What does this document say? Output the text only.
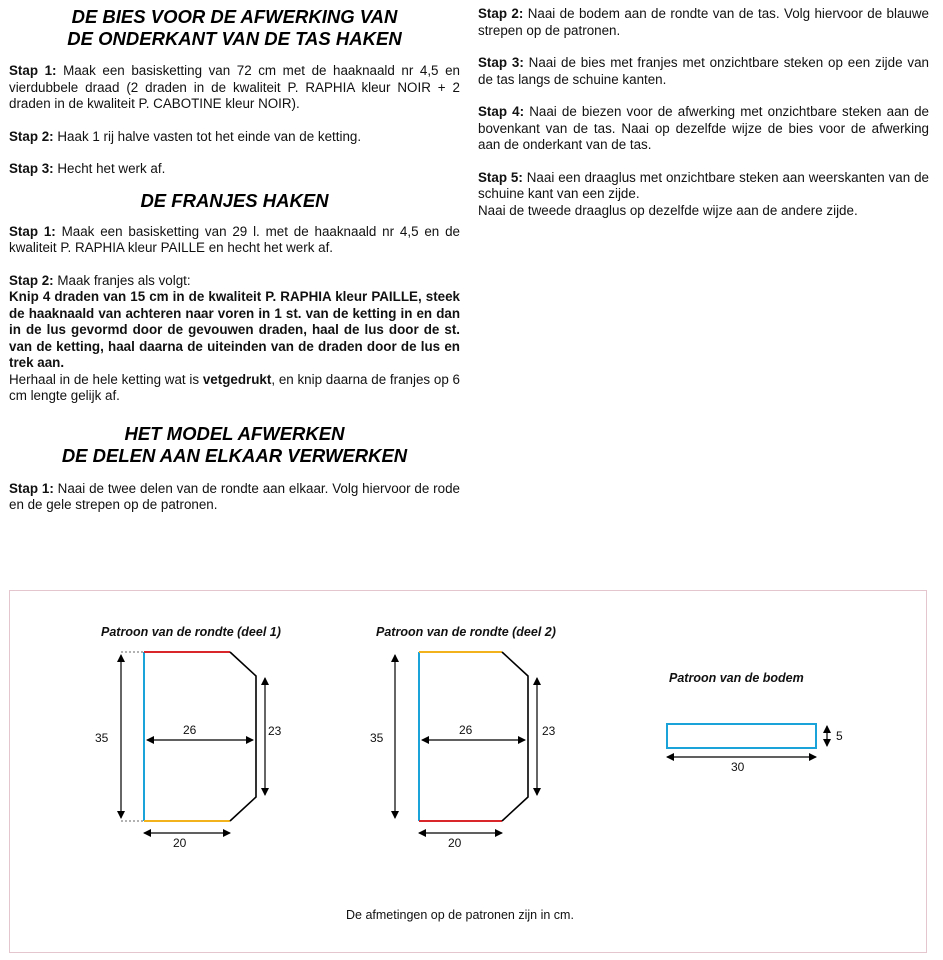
DE BIES VOOR DE AFWERKING VAN
DE ONDERKANT VAN DE TAS HAKEN

Stap 1: Maak een basisketting van 72 cm met de haaknaald nr 4,5 en vierdubbele draad (2 draden in de kwaliteit P. RAPHIA kleur NOIR + 2 draden in de kwaliteit P. CABOTINE kleur NOIR).

Stap 2: Haak 1 rij halve vasten tot het einde van de ketting.

Stap 3: Hecht het werk af.

DE FRANJES HAKEN

Stap 1: Maak een basisketting van 29 l. met de haaknaald nr 4,5 en de kwaliteit P. RAPHIA kleur PAILLE en hecht het werk af.

Stap 2: Maak franjes als volgt:

Knip 4 draden van 15 cm in de kwaliteit P. RAPHIA kleur PAILLE, steek de haaknaald van achteren naar voren in 1 st. van de ketting in en dan in de lus gevormd door de gevouwen draden, haal de lus door de st. van de ketting, haal daarna de uiteinden van de draden door de lus en trek aan.

Herhaal in de hele ketting wat is vetgedrukt, en knip daarna de franjes op 6 cm lengte gelijk af.

HET MODEL AFWERKEN
DE DELEN AAN ELKAAR VERWERKEN

Stap 1: Naai de twee delen van de rondte aan elkaar. Volg hiervoor de rode en de gele strepen op de patronen.

Stap 2: Naai de bodem aan de rondte van de tas. Volg hiervoor de blauwe strepen op de patronen.

Stap 3: Naai de bies met franjes met onzichtbare steken op een zijde van de tas langs de schuine kanten.

Stap 4: Naai de biezen voor de afwerking met onzichtbare steken aan de bovenkant van de tas. Naai op dezelfde wijze de bies voor de afwerking aan de onderkant van de tas.

Stap 5: Naai een draaglus met onzichtbare steken aan weerskanten van de schuine kant van een zijde.

Naai de tweede draaglus op dezelfde wijze aan de andere zijde.

Patroon van de rondte (deel 1)
35
26	23
20
Patroon van de rondte (deel 2)
35
26	23
20
Patroon van de bodem
5
30
De afmetingen op de patronen zijn in cm.
